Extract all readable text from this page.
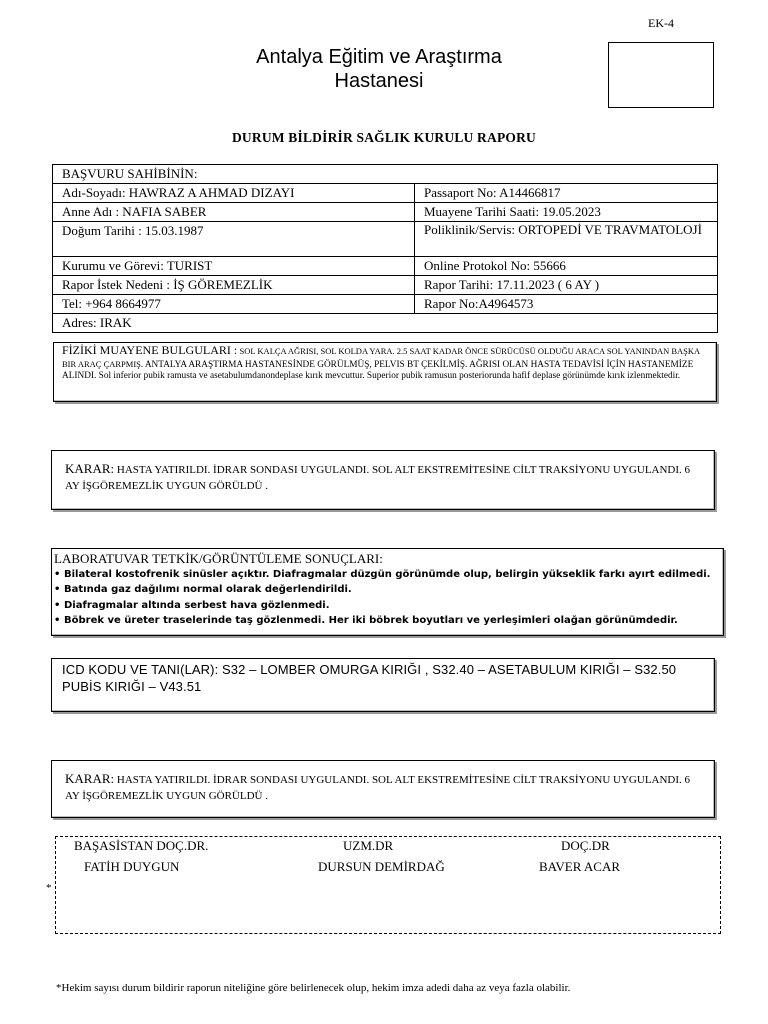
EK-4
Antalya Eğitim ve Araştırma
Hastanesi
DURUM BİLDİRİR SAĞLIK KURULU RAPORU
BAŞVURU SAHİBİNİN:
Adı-Soyadı: HAWRAZ A AHMAD DIZAYI	Passaport No: A14466817
Anne Adı : NAFIA SABER	Muayene Tarihi Saati: 19.05.2023
Doğum Tarihi : 15.03.1987	Poliklinik/Servis: ORTOPEDİ VE TRAVMATOLOJİ
Kurumu ve Görevi: TURIST	Online Protokol No: 55666
Rapor İstek Nedeni : İŞ GÖREMEZLİK	Rapor Tarihi: 17.11.2023 ( 6 AY )
Tel: +964 8664977	Rapor No:A4964573
Adres: IRAK
FİZİKİ MUAYENE BULGULARI : SOL KALÇA AĞRISI, SOL KOLDA YARA. 2.5 SAAT KADAR ÖNCE SÜRÜCÜSÜ OLDUĞU ARACA SOL YANINDAN BAŞKA BIR ARAÇ ÇARPMIŞ. ANTALYA ARAŞTIRMA HASTANESİNDE GÖRÜLMÜŞ, PELVIS BT ÇEKİLMİŞ. AĞRISI OLAN HASTA TEDAVİSİ İÇİN HASTANEMİZE ALINDI. Sol inferior pubik ramusta ve asetabulumdanondeplase kırık mevcuttur. Superior pubik ramusun posteriorunda hafif deplase görünümde kırık izlenmektedir.
KARAR: HASTA YATIRILDI. İDRAR SONDASI UYGULANDI. SOL ALT EKSTREMİTESİNE CİLT TRAKSİYONU UYGULANDI. 6 AY İŞGÖREMEZLİK UYGUN GÖRÜLDÜ .
LABORATUVAR TETKİK/GÖRÜNTÜLEME SONUÇLARI:
• Bilateral kostofrenik sinüsler açıktır. Diafragmalar düzgün görünümde olup, belirgin yükseklik farkı ayırt edilmedi.
• Batında gaz dağılımı normal olarak değerlendirildi.
• Diafragmalar altında serbest hava gözlenmedi.
• Böbrek ve üreter traselerinde taş gözlenmedi. Her iki böbrek boyutları ve yerleşimleri olağan görünümdedir.
ICD KODU VE TANI(LAR): S32 – LOMBER OMURGA KIRIĞI , S32.40 – ASETABULUM KIRIĞI – S32.50 PUBİS KIRIĞI – V43.51
KARAR: HASTA YATIRILDI. İDRAR SONDASI UYGULANDI. SOL ALT EKSTREMİTESİNE CİLT TRAKSİYONU UYGULANDI. 6 AY İŞGÖREMEZLİK UYGUN GÖRÜLDÜ .
*
BAŞASİSTAN DOÇ.DR.
FATİH DUYGUN
UZM.DR
DURSUN DEMİRDAĞ
DOÇ.DR
BAVER ACAR
*Hekim sayısı durum bildirir raporun niteliğine göre belirlenecek olup, hekim imza adedi daha az veya fazla olabilir.
